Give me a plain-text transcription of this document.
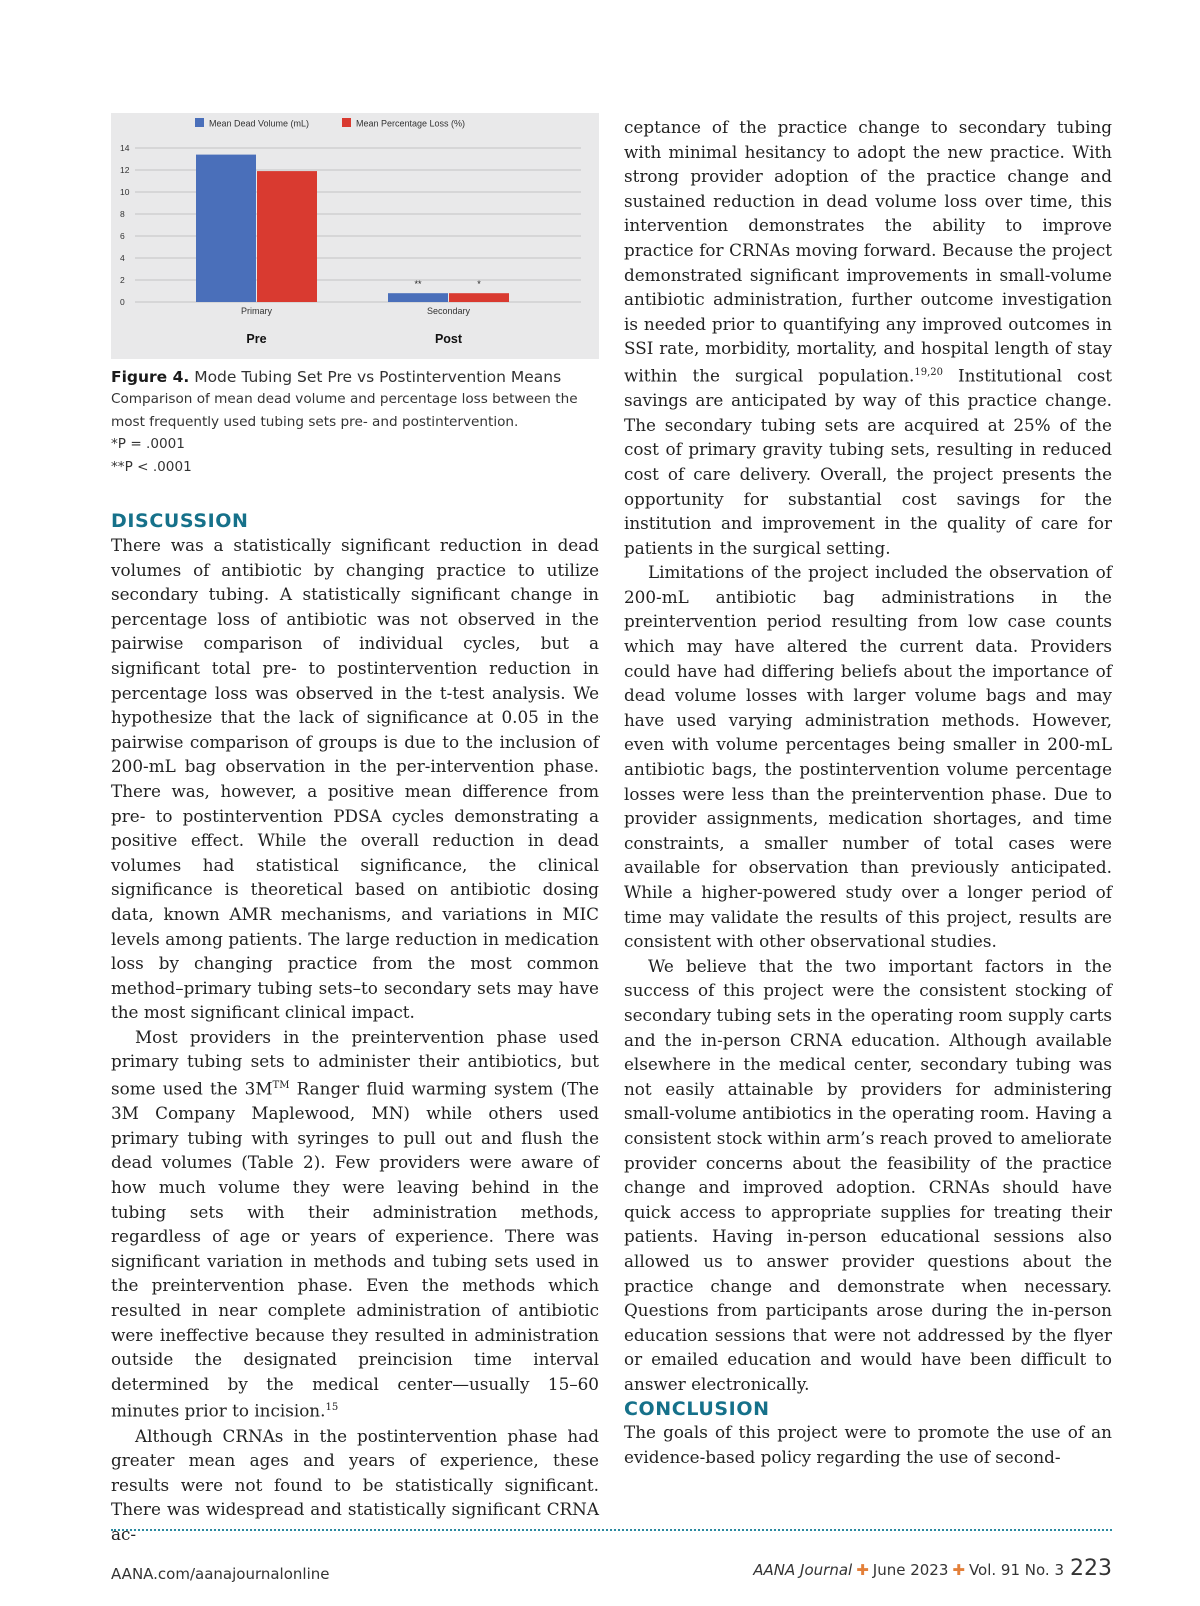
0
2
4
6
8
10
12
14
Mean Dead Volume (mL)	Mean Percentage Loss (%)
Primary
Pre
Secondary
Post
**	*

Figure 4. Mode Tubing Set Pre vs Postintervention Means

Comparison of mean dead volume and percentage loss between the most frequently used tubing sets pre- and postintervention.

*P = .0001

**P < .0001

DISCUSSION

There was a statistically significant reduction in dead volumes of antibiotic by changing practice to utilize secondary tubing. A statistically significant change in percentage loss of antibiotic was not observed in the pairwise comparison of individual cycles, but a significant total pre- to postintervention reduction in percentage loss was observed in the t-test analysis. We hypothesize that the lack of significance at 0.05 in the pairwise comparison of groups is due to the inclusion of 200-mL bag observation in the per-intervention phase. There was, however, a positive mean difference from pre- to postintervention PDSA cycles demonstrating a positive effect. While the overall reduction in dead volumes had statistical significance, the clinical significance is theoretical based on antibiotic dosing data, known AMR mechanisms, and variations in MIC levels among patients. The large reduction in medication loss by changing practice from the most common method–primary tubing sets–to secondary sets may have the most significant clinical impact.

Most providers in the preintervention phase used primary tubing sets to administer their antibiotics, but some used the 3M™ Ranger fluid warming system (The 3M Company Maplewood, MN) while others used primary tubing with syringes to pull out and flush the dead volumes (Table 2). Few providers were aware of how much volume they were leaving behind in the tubing sets with their administration methods, regardless of age or years of experience. There was significant variation in methods and tubing sets used in the preintervention phase. Even the methods which resulted in near complete administration of antibiotic were ineffective because they resulted in administration outside the designated preincision time interval determined by the medical center—usually 15–60 minutes prior to incision.$^{15}$

Although CRNAs in the postintervention phase had greater mean ages and years of experience, these results were not found to be statistically significant. There was widespread and statistically significant CRNA ac-

ceptance of the practice change to secondary tubing with minimal hesitancy to adopt the new practice. With strong provider adoption of the practice change and sustained reduction in dead volume loss over time, this intervention demonstrates the ability to improve practice for CRNAs moving forward. Because the project demonstrated significant improvements in small-volume antibiotic administration, further outcome investigation is needed prior to quantifying any improved outcomes in SSI rate, morbidity, mortality, and hospital length of stay within the surgical population.$^{19,20}$ Institutional cost savings are anticipated by way of this practice change. The secondary tubing sets are acquired at 25% of the cost of primary gravity tubing sets, resulting in reduced cost of care delivery. Overall, the project presents the opportunity for substantial cost savings for the institution and improvement in the quality of care for patients in the surgical setting.

Limitations of the project included the observation of 200-mL antibiotic bag administrations in the preintervention period resulting from low case counts which may have altered the current data. Providers could have had differing beliefs about the importance of dead volume losses with larger volume bags and may have used varying administration methods. However, even with volume percentages being smaller in 200-mL antibiotic bags, the postintervention volume percentage losses were less than the preintervention phase. Due to provider assignments, medication shortages, and time constraints, a smaller number of total cases were available for observation than previously anticipated. While a higher-powered study over a longer period of time may validate the results of this project, results are consistent with other observational studies.

We believe that the two important factors in the success of this project were the consistent stocking of secondary tubing sets in the operating room supply carts and the in-person CRNA education. Although available elsewhere in the medical center, secondary tubing was not easily attainable by providers for administering small-volume antibiotics in the operating room. Having a consistent stock within arm’s reach proved to ameliorate provider concerns about the feasibility of the practice change and improved adoption. CRNAs should have quick access to appropriate supplies for treating their patients. Having in-person educational sessions also allowed us to answer provider questions about the practice change and demonstrate when necessary. Questions from participants arose during the in-person education sessions that were not addressed by the flyer or emailed education and would have been difficult to answer electronically.

CONCLUSION

The goals of this project were to promote the use of an evidence-based policy regarding the use of second-

AANA.com/aanajournalonline	AANA Journal ✚ June 2023 ✚ Vol. 91 No. 3 223
